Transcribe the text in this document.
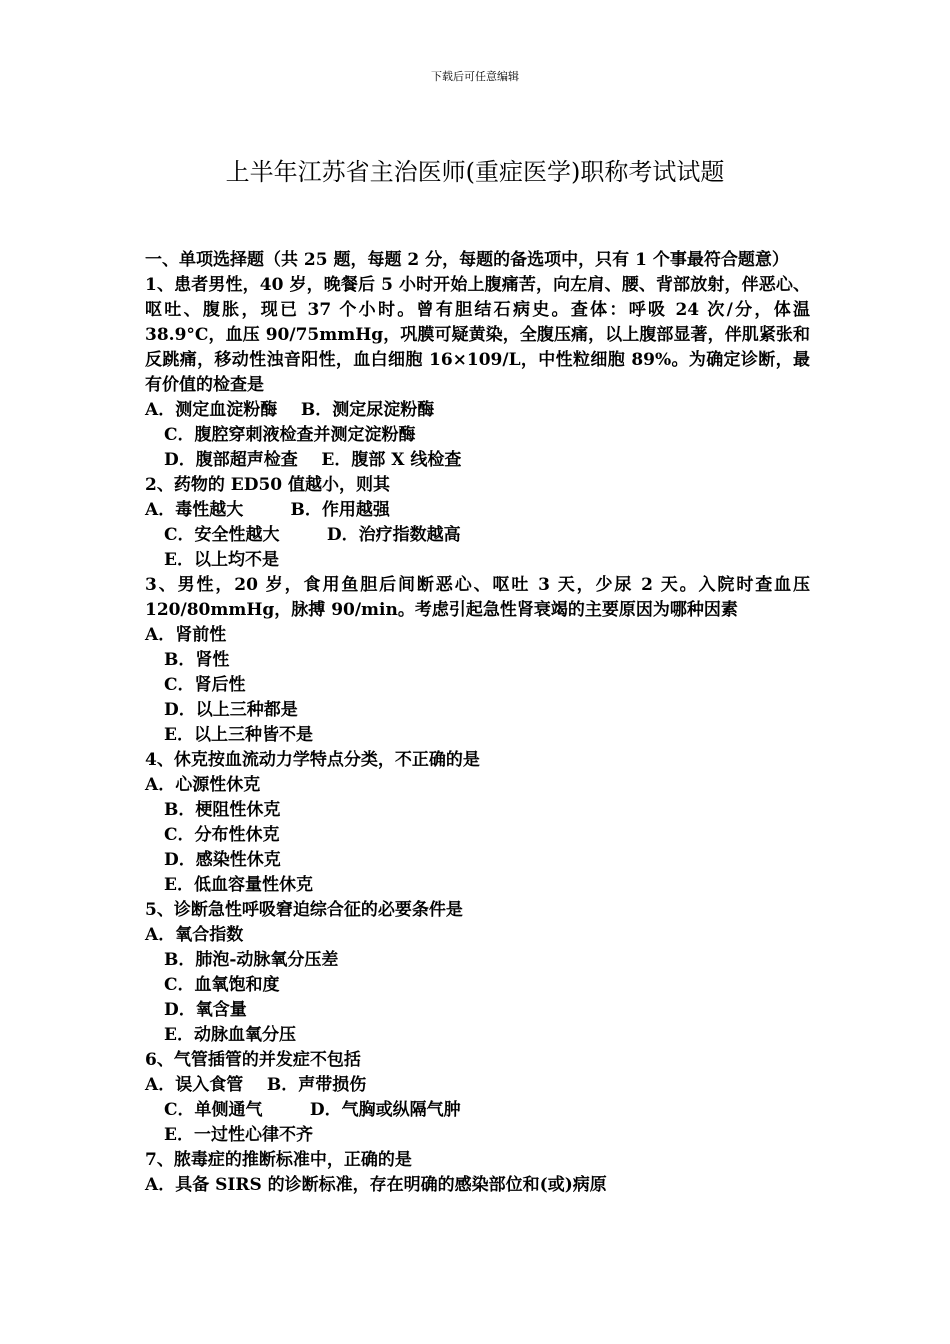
下载后可任意编辑
上半年江苏省主治医师(重症医学)职称考试试题
一、单项选择题（共 25 题，每题 2 分，每题的备选项中，只有 1 个事最符合题意）
1、患者男性，40 岁，晚餐后 5 小时开始上腹痛苦，向左肩、腰、背部放射，伴恶心、呕吐、腹胀，现已 37 个小时。曾有胆结石病史。查体：呼吸 24 次/分，体温 38.9°C，血压 90/75mmHg，巩膜可疑黄染，全腹压痛，以上腹部显著，伴肌紧张和反跳痛，移动性浊音阳性，血白细胞 16×109/L，中性粒细胞 89%。为确定诊断，最有价值的检查是
A．测定血淀粉酶    B．测定尿淀粉酶
C．腹腔穿刺液检查并测定淀粉酶
D．腹部超声检查    E．腹部 X 线检查
2、药物的 ED50 值越小，则其
A．毒性越大        B．作用越强
C．安全性越大        D．治疗指数越高
E．以上均不是
3、男性，20 岁，食用鱼胆后间断恶心、呕吐 3 天，少尿 2 天。入院时查血压 120/80mmHg，脉搏 90/min。考虑引起急性肾衰竭的主要原因为哪种因素
A．肾前性
B．肾性
C．肾后性
D．以上三种都是
E．以上三种皆不是
4、休克按血流动力学特点分类，不正确的是
A．心源性休克
B．梗阻性休克
C．分布性休克
D．感染性休克
E．低血容量性休克
5、诊断急性呼吸窘迫综合征的必要条件是
A．氧合指数
B．肺泡-动脉氧分压差
C．血氧饱和度
D．氧含量
E．动脉血氧分压
6、气管插管的并发症不包括
A．误入食管    B．声带损伤
C．单侧通气        D．气胸或纵隔气肿
E．一过性心律不齐
7、脓毒症的推断标准中，正确的是
A．具备 SIRS 的诊断标准，存在明确的感染部位和(或)病原
